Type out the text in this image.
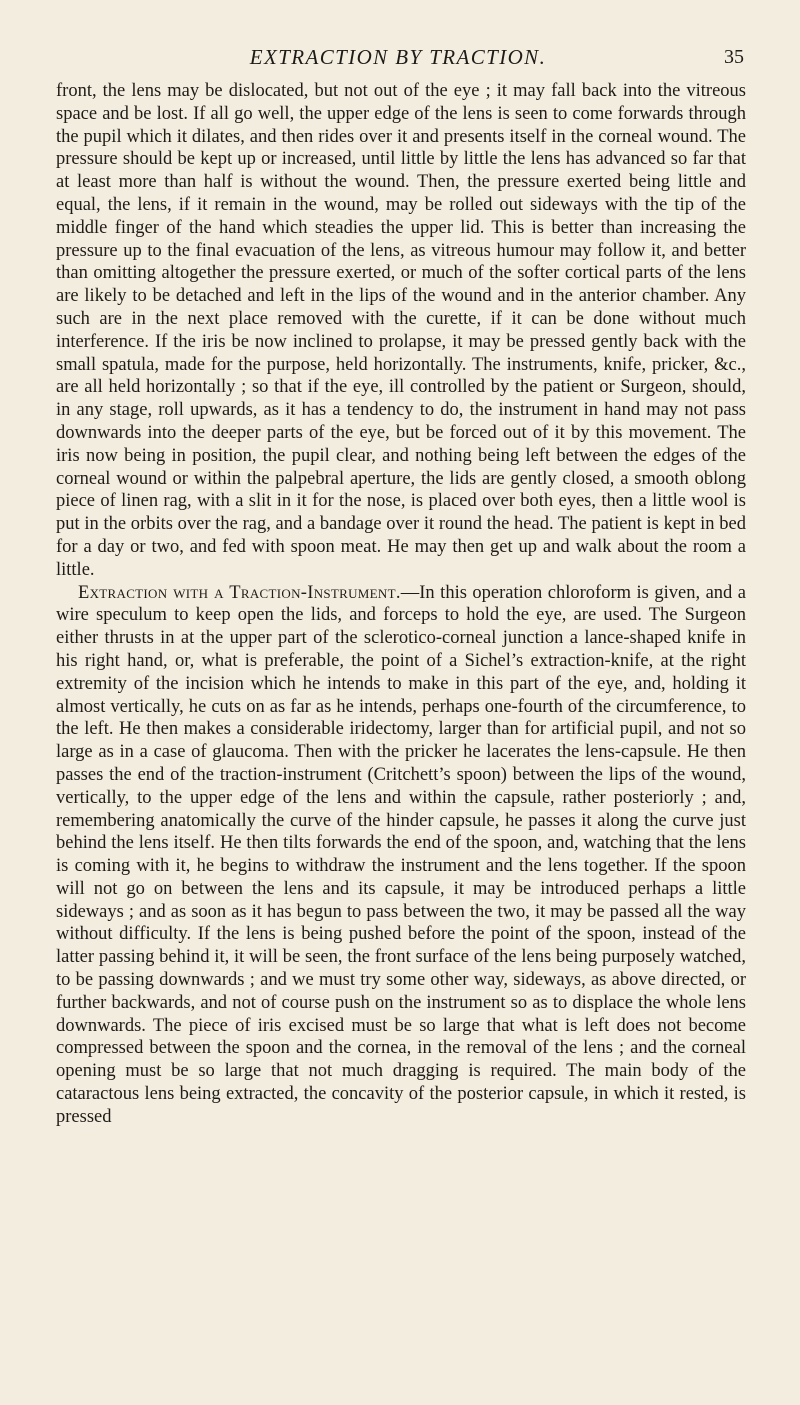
EXTRACTION BY TRACTION.	35

front, the lens may be dislocated, but not out of the eye ; it may fall back into the vitreous space and be lost. If all go well, the upper edge of the lens is seen to come forwards through the pupil which it dilates, and then rides over it and presents itself in the corneal wound. The pressure should be kept up or increased, until little by little the lens has advanced so far that at least more than half is without the wound. Then, the pressure exerted being little and equal, the lens, if it remain in the wound, may be rolled out sideways with the tip of the middle finger of the hand which steadies the upper lid. This is better than increasing the pressure up to the final evacuation of the lens, as vitreous humour may follow it, and better than omitting altogether the pressure exerted, or much of the softer cortical parts of the lens are likely to be detached and left in the lips of the wound and in the anterior chamber. Any such are in the next place removed with the curette, if it can be done without much interference. If the iris be now inclined to prolapse, it may be pressed gently back with the small spatula, made for the purpose, held horizontally. The instruments, knife, pricker, &c., are all held horizontally ; so that if the eye, ill controlled by the patient or Surgeon, should, in any stage, roll upwards, as it has a tendency to do, the instrument in hand may not pass downwards into the deeper parts of the eye, but be forced out of it by this movement. The iris now being in position, the pupil clear, and nothing being left between the edges of the corneal wound or within the palpebral aperture, the lids are gently closed, a smooth oblong piece of linen rag, with a slit in it for the nose, is placed over both eyes, then a little wool is put in the orbits over the rag, and a bandage over it round the head. The patient is kept in bed for a day or two, and fed with spoon meat. He may then get up and walk about the room a little.

Extraction with a Traction-Instrument.—In this operation chloroform is given, and a wire speculum to keep open the lids, and forceps to hold the eye, are used. The Surgeon either thrusts in at the upper part of the sclerotico-corneal junction a lance-shaped knife in his right hand, or, what is preferable, the point of a Sichel’s extraction-knife, at the right extremity of the incision which he intends to make in this part of the eye, and, holding it almost vertically, he cuts on as far as he intends, perhaps one-fourth of the circumference, to the left. He then makes a considerable iridectomy, larger than for artificial pupil, and not so large as in a case of glaucoma. Then with the pricker he lacerates the lens-capsule. He then passes the end of the traction-instrument (Critchett’s spoon) between the lips of the wound, vertically, to the upper edge of the lens and within the capsule, rather posteriorly ; and, remembering anatomically the curve of the hinder capsule, he passes it along the curve just behind the lens itself. He then tilts forwards the end of the spoon, and, watching that the lens is coming with it, he begins to withdraw the instrument and the lens together. If the spoon will not go on between the lens and its capsule, it may be introduced perhaps a little sideways ; and as soon as it has begun to pass between the two, it may be passed all the way without difficulty. If the lens is being pushed before the point of the spoon, instead of the latter passing behind it, it will be seen, the front surface of the lens being purposely watched, to be passing downwards ; and we must try some other way, sideways, as above directed, or further backwards, and not of course push on the instrument so as to displace the whole lens downwards. The piece of iris excised must be so large that what is left does not become compressed between the spoon and the cornea, in the removal of the lens ; and the corneal opening must be so large that not much dragging is required. The main body of the cataractous lens being extracted, the concavity of the posterior capsule, in which it rested, is pressed
